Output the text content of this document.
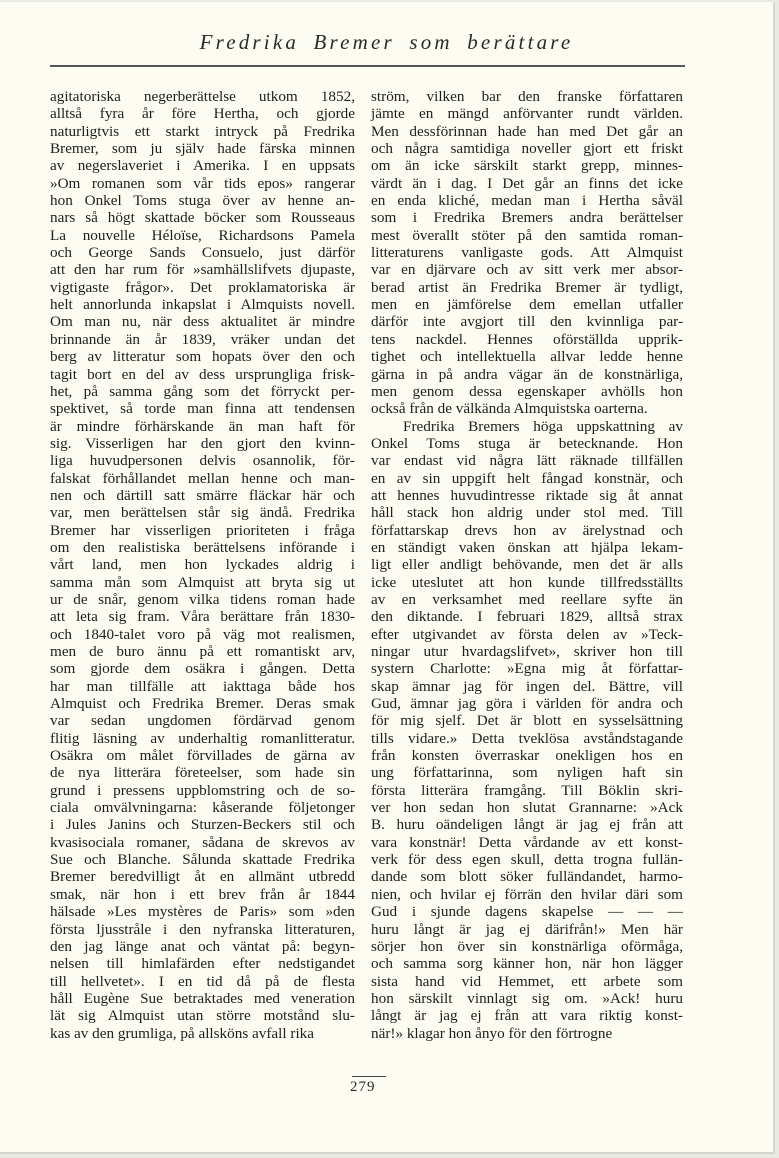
Fredrika Bremer som berättare
agitatoriska negerberättelse utkom 1852,
alltså fyra år före Hertha, och gjorde
naturligtvis ett starkt intryck på Fredrika
Bremer, som ju själv hade färska minnen
av negerslaveriet i Amerika. I en uppsats
»Om romanen som vår tids epos» rangerar
hon Onkel Toms stuga över av henne an-
nars så högt skattade böcker som Rousseaus
La nouvelle Héloïse, Richardsons Pamela
och George Sands Consuelo, just därför
att den har rum för »samhällslifvets djupaste,
vigtigaste frågor». Det proklamatoriska är
helt annorlunda inkapslat i Almquists novell.
Om man nu, när dess aktualitet är mindre
brinnande än år 1839, vräker undan det
berg av litteratur som hopats över den och
tagit bort en del av dess ursprungliga frisk-
het, på samma gång som det förryckt per-
spektivet, så torde man finna att tendensen
är mindre förhärskande än man haft för
sig. Visserligen har den gjort den kvinn-
liga huvudpersonen delvis osannolik, för-
falskat förhållandet mellan henne och man-
nen och därtill satt smärre fläckar här och
var, men berättelsen står sig ändå. Fredrika
Bremer har visserligen prioriteten i fråga
om den realistiska berättelsens införande i
vårt land, men hon lyckades aldrig i
samma mån som Almquist att bryta sig ut
ur de snår, genom vilka tidens roman hade
att leta sig fram. Våra berättare från 1830-
och 1840-talet voro på väg mot realismen,
men de buro ännu på ett romantiskt arv,
som gjorde dem osäkra i gången. Detta
har man tillfälle att iakttaga både hos
Almquist och Fredrika Bremer. Deras smak
var sedan ungdomen fördärvad genom
flitig läsning av underhaltig romanlitteratur.
Osäkra om målet förvillades de gärna av
de nya litterära företeelser, som hade sin
grund i pressens uppblomstring och de so-
ciala omvälvningarna: kåserande följetonger
i Jules Janins och Sturzen-Beckers stil och
kvasisociala romaner, sådana de skrevos av
Sue och Blanche. Sålunda skattade Fredrika
Bremer beredvilligt åt en allmänt utbredd
smak, när hon i ett brev från år 1844
hälsade »Les mystères de Paris» som »den
första ljusstråle i den nyfranska litteraturen,
den jag länge anat och väntat på: begyn-
nelsen till himlafärden efter nedstigandet
till hellvetet». I en tid då på de flesta
håll Eugène Sue betraktades med veneration
lät sig Almquist utan större motstånd slu-
kas av den grumliga, på allsköns avfall rika
ström, vilken bar den franske författaren
jämte en mängd anförvanter rundt världen.
Men dessförinnan hade han med Det går an
och några samtidiga noveller gjort ett friskt
om än icke särskilt starkt grepp, minnes-
värdt än i dag. I Det går an finns det icke
en enda kliché, medan man i Hertha såväl
som i Fredrika Bremers andra berättelser
mest överallt stöter på den samtida roman-
litteraturens vanligaste gods. Att Almquist
var en djärvare och av sitt verk mer absor-
berad artist än Fredrika Bremer är tydligt,
men en jämförelse dem emellan utfaller
därför inte avgjort till den kvinnliga par-
tens nackdel. Hennes oförställda upprik-
tighet och intellektuella allvar ledde henne
gärna in på andra vägar än de konstnärliga,
men genom dessa egenskaper avhölls hon
också från de välkända Almquistska oarterna.
Fredrika Bremers höga uppskattning av
Onkel Toms stuga är betecknande. Hon
var endast vid några lätt räknade tillfällen
en av sin uppgift helt fångad konstnär, och
att hennes huvudintresse riktade sig åt annat
håll stack hon aldrig under stol med. Till
författarskap drevs hon av ärelystnad och
en ständigt vaken önskan att hjälpa lekam-
ligt eller andligt behövande, men det är alls
icke uteslutet att hon kunde tillfredsställts
av en verksamhet med reellare syfte än
den diktande. I februari 1829, alltså strax
efter utgivandet av första delen av »Teck-
ningar utur hvardagslifvet», skriver hon till
systern Charlotte: »Egna mig åt författar-
skap ämnar jag för ingen del. Bättre, vill
Gud, ämnar jag göra i världen för andra och
för mig sjelf. Det är blott en sysselsättning
tills vidare.» Detta tveklösa avståndstagande
från konsten överraskar onekligen hos en
ung författarinna, som nyligen haft sin
första litterära framgång. Till Böklin skri-
ver hon sedan hon slutat Grannarne: »Ack
B. huru oändeligen långt är jag ej från att
vara konstnär! Detta vårdande av ett konst-
verk för dess egen skull, detta trogna fullän-
dande som blott söker fulländandet, harmo-
nien, och hvilar ej förrän den hvilar däri som
Gud i sjunde dagens skapelse — — —
huru långt är jag ej därifrån!» Men här
sörjer hon över sin konstnärliga oförmåga,
och samma sorg känner hon, när hon lägger
sista hand vid Hemmet, ett arbete som
hon särskilt vinnlagt sig om. »Ack! huru
långt är jag ej från att vara riktig konst-
när!» klagar hon ånyo för den förtrogne
279
